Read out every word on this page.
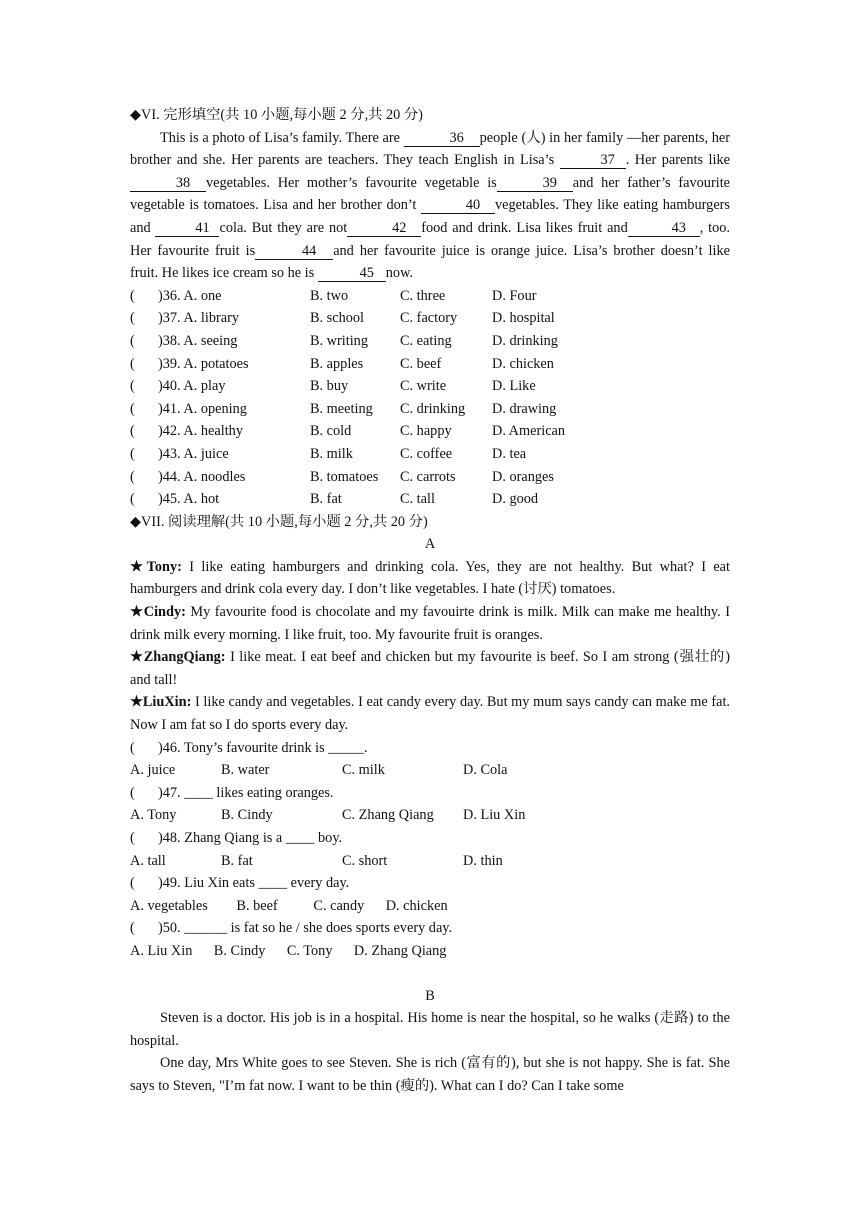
◆VI. 完形填空(共 10 小题,每小题 2 分,共 20 分)
This is a photo of Lisa’s family. There are	36 people (人) in her family —her parents, her brother and she. Her parents are teachers. They teach English in Lisa’s	37 . Her parents like 38 vegetables. Her mother’s favourite vegetable is	39 and her father’s favourite vegetable is tomatoes. Lisa and her brother don’t	40 vegetables. They like eating hamburgers and	41 cola. But they are not	42 food and drink. Lisa likes fruit and	43 , too. Her favourite fruit is	44 and her favourite juice is orange juice. Lisa’s brother doesn’t like fruit. He likes ice cream so he is	45 now.
(	)36. A. one	B. two	C. three	D. Four
(	)37. A. library	B. school	C. factory	D. hospital
(	)38. A. seeing	B. writing	C. eating	D. drinking
(	)39. A. potatoes	B. apples	C. beef	D. chicken
(	)40. A. play	B. buy	C. write	D. Like
(	)41. A. opening	B. meeting	C. drinking	D. drawing
(	)42. A. healthy	B. cold	C. happy	D. American
(	)43. A. juice	B. milk	C. coffee	D. tea
(	)44. A. noodles	B. tomatoes	C. carrots	D. oranges
(	)45. A. hot	B. fat	C. tall	D. good
◆VII. 阅读理解(共 10 小题,每小题 2 分,共 20 分)
A
★Tony: I like eating hamburgers and drinking cola. Yes, they are not healthy. But what? I eat hamburgers and drink cola every day. I don’t like vegetables. I hate (讨厌) tomatoes.
★Cindy: My favourite food is chocolate and my favouirte drink is milk. Milk can make me healthy. I drink milk every morning. I like fruit, too. My favourite fruit is oranges.
★ZhangQiang: I like meat. I eat beef and chicken but my favourite is beef. So I am strong (强壮的) and tall!
★LiuXin: I like candy and vegetables. I eat candy every day. But my mum says candy can make me fat. Now I am fat so I do sports every day.
( )46. Tony’s favourite drink is _____.
A. juice	B. water	C. milk	D. Cola
( )47. ____ likes eating oranges.
A. Tony	B. Cindy	C. Zhang Qiang	D. Liu Xin
( )48. Zhang Qiang is a ____ boy.
A. tall	B. fat	C. short	D. thin
( )49. Liu Xin eats ____ every day.
A. vegetables        B. beef          C. candy      D. chicken
( )50. ______ is fat so he / she does sports every day.
A. Liu Xin      B. Cindy      C. Tony      D. Zhang Qiang
B
Steven is a doctor. His job is in a hospital. His home is near the hospital, so he walks (走路) to the hospital.
One day, Mrs White goes to see Steven. She is rich (富有的), but she is not happy. She is fat. She says to Steven, "I’m fat now. I want to be thin (瘦的). What can I do? Can I take some
